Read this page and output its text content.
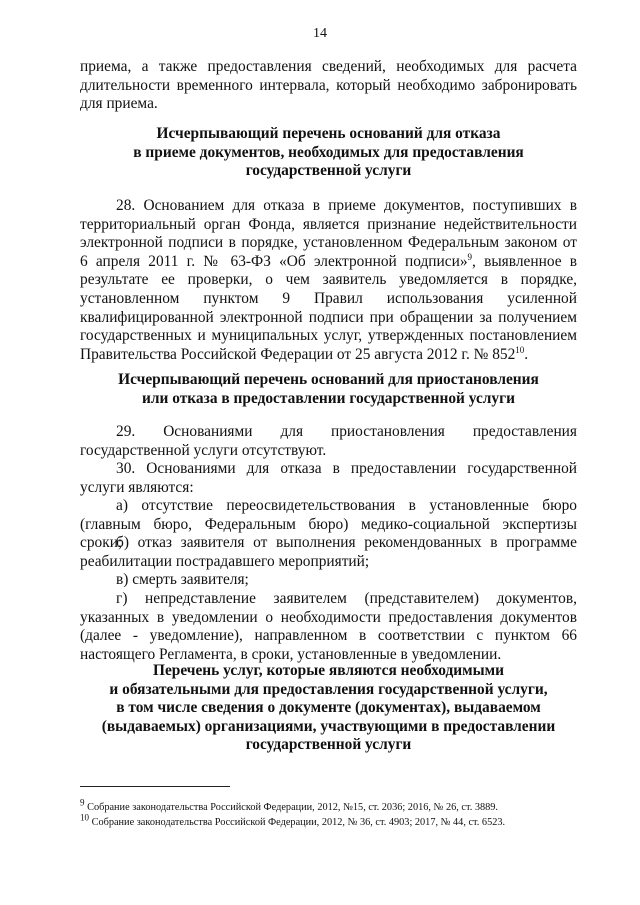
14

приема, а также предоставления сведений, необходимых для расчета длительности временного интервала, который необходимо забронировать для приема.

Исчерпывающий перечень оснований для отказа
в приеме документов, необходимых для предоставления
государственной услуги

28. Основанием для отказа в приеме документов, поступивших в территориальный орган Фонда, является признание недействительности электронной подписи в порядке, установленном Федеральным законом от 6 апреля 2011 г. № 63-ФЗ «Об электронной подписи»$^9$, выявленное в результате ее проверки, о чем заявитель уведомляется в порядке, установленном пунктом 9 Правил использования усиленной квалифицированной электронной подписи при обращении за получением государственных и муниципальных услуг, утвержденных постановлением Правительства Российской Федерации от 25 августа 2012 г. № $852^{10}$.

Исчерпывающий перечень оснований для приостановления
или отказа в предоставлении государственной услуги

29. Основаниями для приостановления предоставления государственной услуги отсутствуют.

30. Основаниями для отказа в предоставлении государственной услуги являются:

а) отсутствие переосвидетельствования в установленные бюро (главным бюро, Федеральным бюро) медико-социальной экспертизы сроки;

б) отказ заявителя от выполнения рекомендованных в программе реабилитации пострадавшего мероприятий;

в) смерть заявителя;

г) непредставление заявителем (представителем) документов, указанных в уведомлении о необходимости предоставления документов (далее - уведомление), направленном в соответствии с пунктом 66 настоящего Регламента, в сроки, установленные в уведомлении.

Перечень услуг, которые являются необходимыми
и обязательными для предоставления государственной услуги,
в том числе сведения о документе (документах), выдаваемом
(выдаваемых) организациями, участвующими в предоставлении
государственной услуги
$^9$ Собрание законодательства Российской Федерации, 2012, №15, ст. 2036; 2016, № 26, ст. 3889.
$^{10}$ Собрание законодательства Российской Федерации, 2012, № 36, ст. 4903; 2017, № 44, ст. 6523.
